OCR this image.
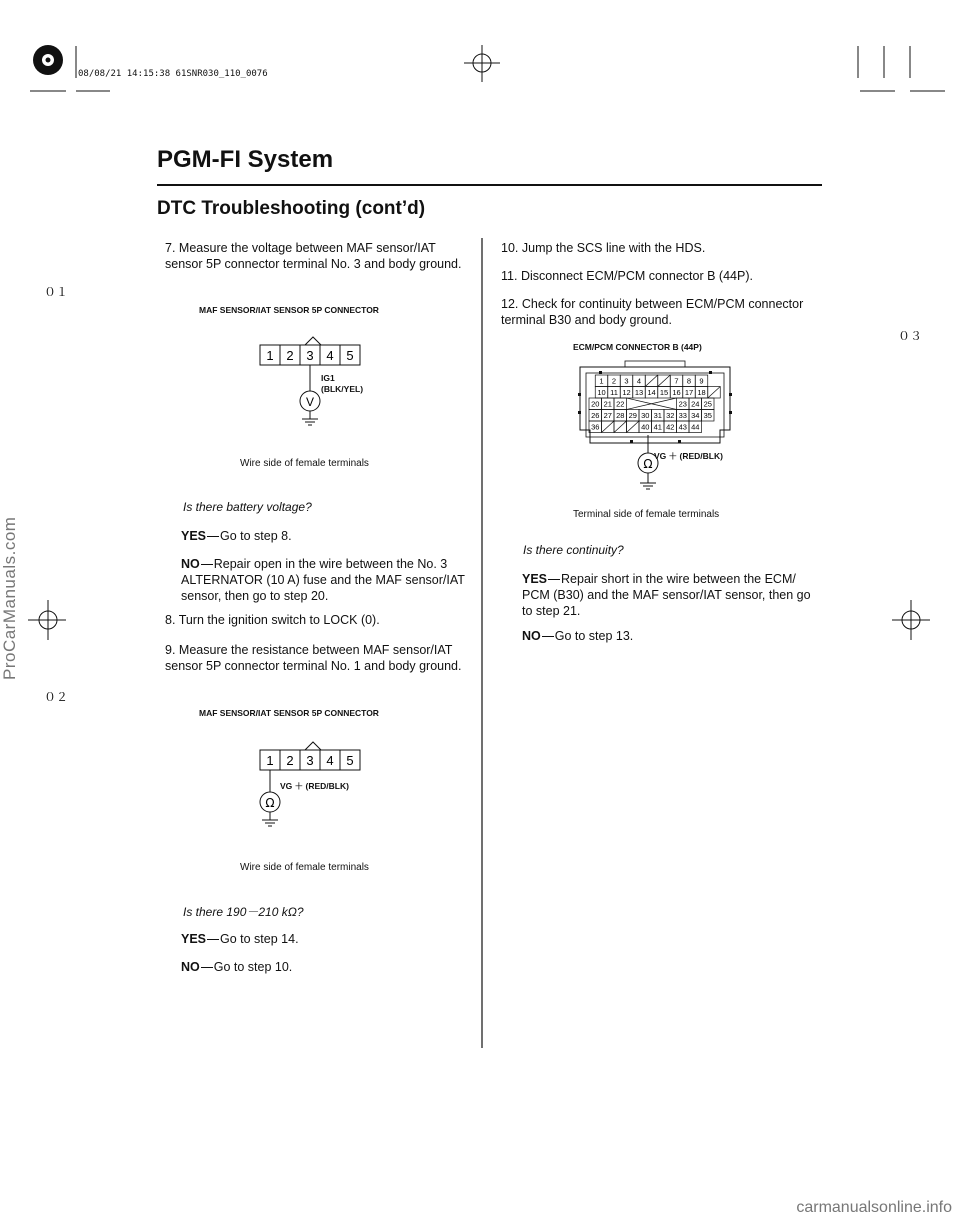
08/08/21 14:15:38 61SNR030_110_0076
PGM-FI System
DTC Troubleshooting (cont’d)
０１
０２
０３
7. Measure the voltage between MAF sensor/IAT sensor 5P connector terminal No. 3 and body ground.
MAF SENSOR/IAT SENSOR 5P CONNECTOR
1 2 3 4 5
V
IG1
(BLK/YEL)
Wire side of female terminals
Is there battery voltage?
YES Go to step 8.
NO Repair open in the wire between the No. 3 ALTERNATOR (10 A) fuse and the MAF sensor/IAT sensor, then go to step 20.
8. Turn the ignition switch to LOCK (0).
9. Measure the resistance between MAF sensor/IAT sensor 5P connector terminal No. 1 and body ground.
MAF SENSOR/IAT SENSOR 5P CONNECTOR
1 2 3 4 5
Ω
VG ＋ (RED/BLK)
Wire side of female terminals
Is there 190－210 kΩ?
YES Go to step 14.
NO Go to step 10.
10. Jump the SCS line with the HDS.
11. Disconnect ECM/PCM connector B (44P).
12. Check for continuity between ECM/PCM connector terminal B30 and body ground.
ECM/PCM CONNECTOR B (44P)
1 2 3 4	7 8 9
10 11 12 13 14 15 16 17 18
20 21 22	23 24 25
26 27 28 29 30 31 32 33 34 35
36	40 41 42 43 44
Ω
VG ＋ (RED/BLK)
Terminal side of female terminals
Is there continuity?
YES Repair short in the wire between the ECM/ PCM (B30) and the MAF sensor/IAT sensor, then go to step 21.
NO Go to step 13.
ProCarManuals.com
carmanualsonline.info
